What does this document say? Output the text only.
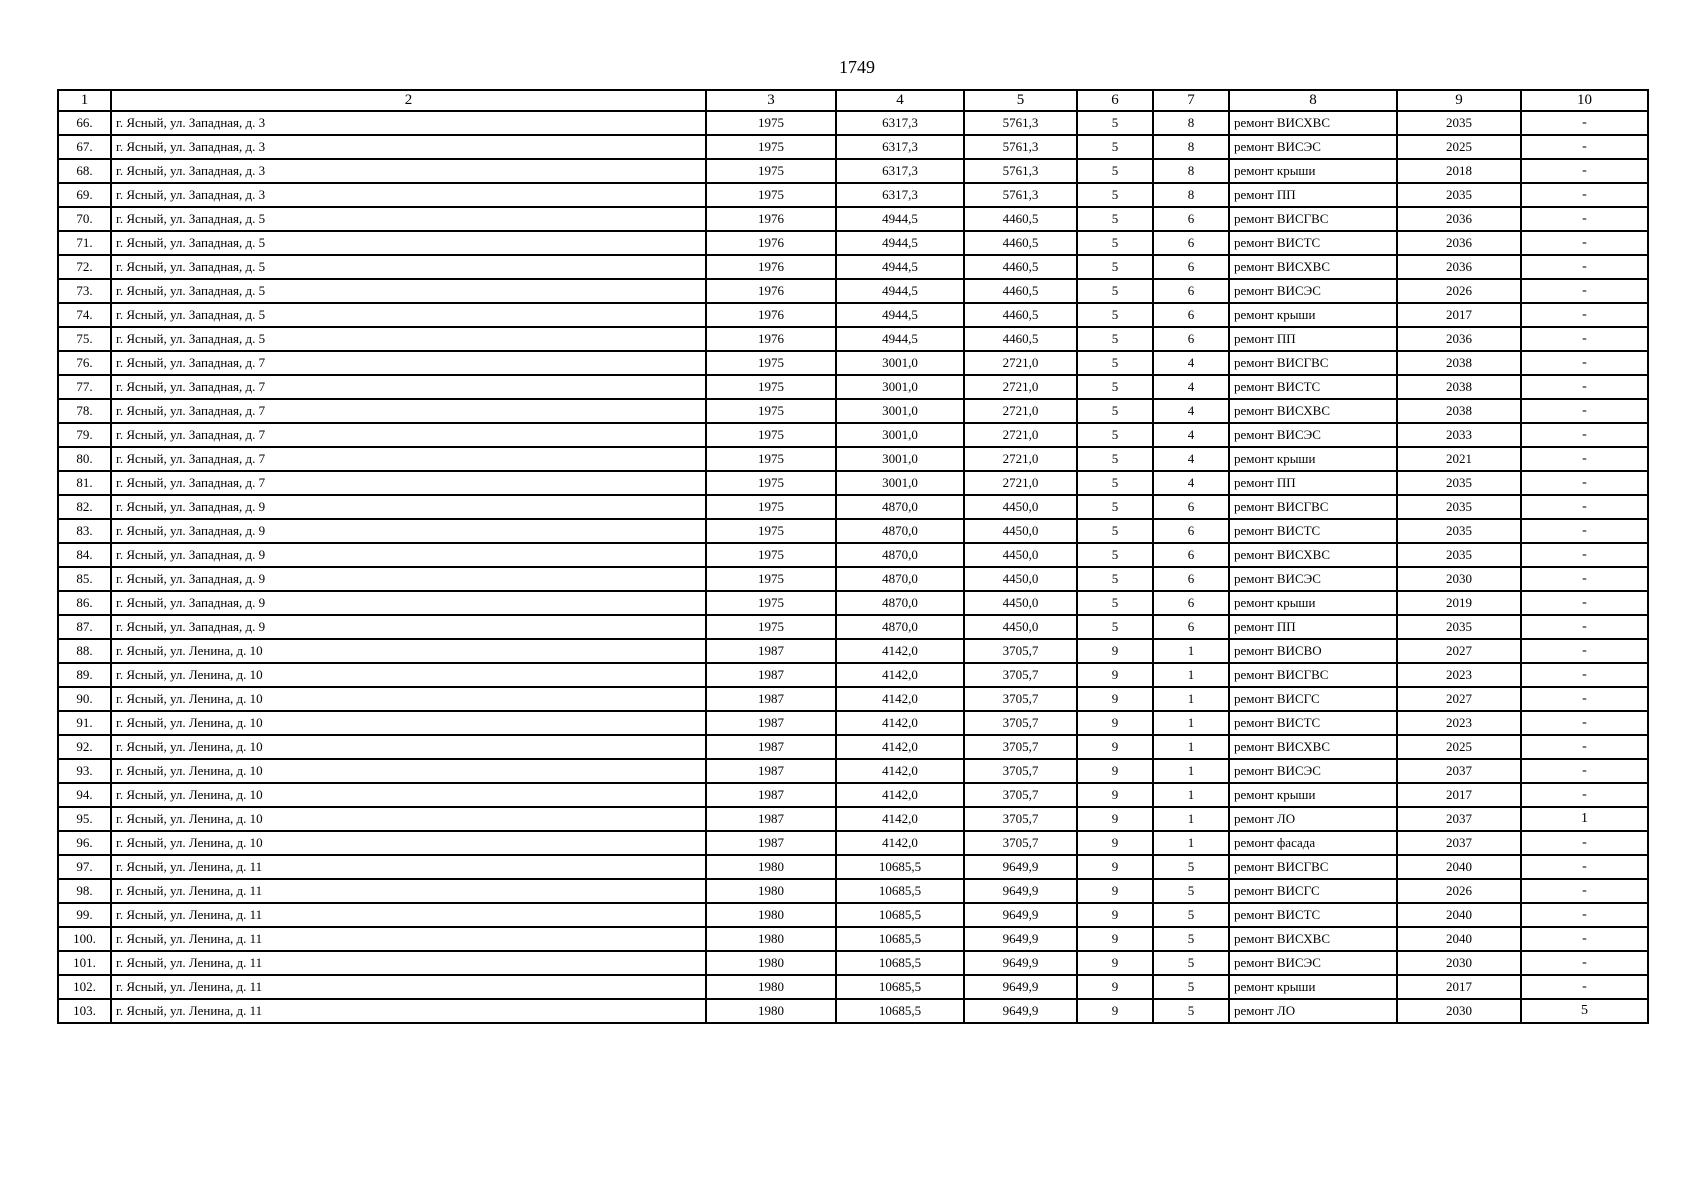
1749
1	2	3	4	5	6	7	8	9	10
66.	г. Ясный, ул. Западная, д. 3	1975	6317,3	5761,3	5	8	ремонт ВИСХВС	2035	-
67.	г. Ясный, ул. Западная, д. 3	1975	6317,3	5761,3	5	8	ремонт ВИСЭС	2025	-
68.	г. Ясный, ул. Западная, д. 3	1975	6317,3	5761,3	5	8	ремонт крыши	2018	-
69.	г. Ясный, ул. Западная, д. 3	1975	6317,3	5761,3	5	8	ремонт ПП	2035	-
70.	г. Ясный, ул. Западная, д. 5	1976	4944,5	4460,5	5	6	ремонт ВИСГВС	2036	-
71.	г. Ясный, ул. Западная, д. 5	1976	4944,5	4460,5	5	6	ремонт ВИСТС	2036	-
72.	г. Ясный, ул. Западная, д. 5	1976	4944,5	4460,5	5	6	ремонт ВИСХВС	2036	-
73.	г. Ясный, ул. Западная, д. 5	1976	4944,5	4460,5	5	6	ремонт ВИСЭС	2026	-
74.	г. Ясный, ул. Западная, д. 5	1976	4944,5	4460,5	5	6	ремонт крыши	2017	-
75.	г. Ясный, ул. Западная, д. 5	1976	4944,5	4460,5	5	6	ремонт ПП	2036	-
76.	г. Ясный, ул. Западная, д. 7	1975	3001,0	2721,0	5	4	ремонт ВИСГВС	2038	-
77.	г. Ясный, ул. Западная, д. 7	1975	3001,0	2721,0	5	4	ремонт ВИСТС	2038	-
78.	г. Ясный, ул. Западная, д. 7	1975	3001,0	2721,0	5	4	ремонт ВИСХВС	2038	-
79.	г. Ясный, ул. Западная, д. 7	1975	3001,0	2721,0	5	4	ремонт ВИСЭС	2033	-
80.	г. Ясный, ул. Западная, д. 7	1975	3001,0	2721,0	5	4	ремонт крыши	2021	-
81.	г. Ясный, ул. Западная, д. 7	1975	3001,0	2721,0	5	4	ремонт ПП	2035	-
82.	г. Ясный, ул. Западная, д. 9	1975	4870,0	4450,0	5	6	ремонт ВИСГВС	2035	-
83.	г. Ясный, ул. Западная, д. 9	1975	4870,0	4450,0	5	6	ремонт ВИСТС	2035	-
84.	г. Ясный, ул. Западная, д. 9	1975	4870,0	4450,0	5	6	ремонт ВИСХВС	2035	-
85.	г. Ясный, ул. Западная, д. 9	1975	4870,0	4450,0	5	6	ремонт ВИСЭС	2030	-
86.	г. Ясный, ул. Западная, д. 9	1975	4870,0	4450,0	5	6	ремонт крыши	2019	-
87.	г. Ясный, ул. Западная, д. 9	1975	4870,0	4450,0	5	6	ремонт ПП	2035	-
88.	г. Ясный, ул. Ленина, д. 10	1987	4142,0	3705,7	9	1	ремонт ВИСВО	2027	-
89.	г. Ясный, ул. Ленина, д. 10	1987	4142,0	3705,7	9	1	ремонт ВИСГВС	2023	-
90.	г. Ясный, ул. Ленина, д. 10	1987	4142,0	3705,7	9	1	ремонт ВИСГС	2027	-
91.	г. Ясный, ул. Ленина, д. 10	1987	4142,0	3705,7	9	1	ремонт ВИСТС	2023	-
92.	г. Ясный, ул. Ленина, д. 10	1987	4142,0	3705,7	9	1	ремонт ВИСХВС	2025	-
93.	г. Ясный, ул. Ленина, д. 10	1987	4142,0	3705,7	9	1	ремонт ВИСЭС	2037	-
94.	г. Ясный, ул. Ленина, д. 10	1987	4142,0	3705,7	9	1	ремонт крыши	2017	-
95.	г. Ясный, ул. Ленина, д. 10	1987	4142,0	3705,7	9	1	ремонт ЛО	2037	1
96.	г. Ясный, ул. Ленина, д. 10	1987	4142,0	3705,7	9	1	ремонт фасада	2037	-
97.	г. Ясный, ул. Ленина, д. 11	1980	10685,5	9649,9	9	5	ремонт ВИСГВС	2040	-
98.	г. Ясный, ул. Ленина, д. 11	1980	10685,5	9649,9	9	5	ремонт ВИСГС	2026	-
99.	г. Ясный, ул. Ленина, д. 11	1980	10685,5	9649,9	9	5	ремонт ВИСТС	2040	-
100.	г. Ясный, ул. Ленина, д. 11	1980	10685,5	9649,9	9	5	ремонт ВИСХВС	2040	-
101.	г. Ясный, ул. Ленина, д. 11	1980	10685,5	9649,9	9	5	ремонт ВИСЭС	2030	-
102.	г. Ясный, ул. Ленина, д. 11	1980	10685,5	9649,9	9	5	ремонт крыши	2017	-
103.	г. Ясный, ул. Ленина, д. 11	1980	10685,5	9649,9	9	5	ремонт ЛО	2030	5
